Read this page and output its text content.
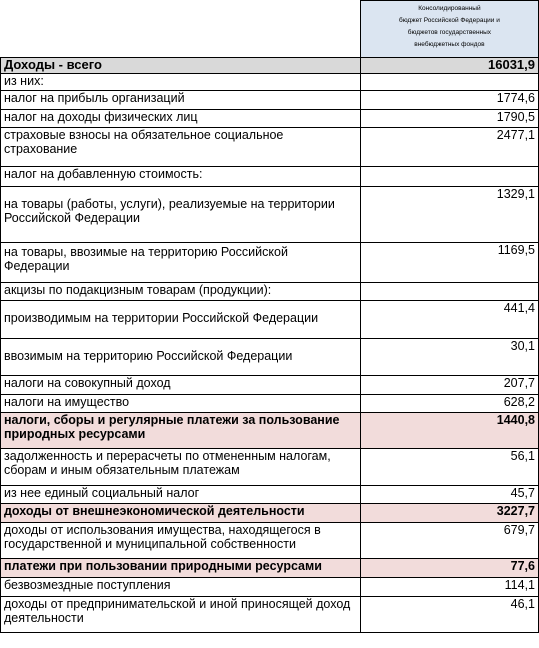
	Консолидированный
бюджет Российской Федерации и
бюджетов государственных
внебюджетных фондов

Доходы - всего	16031,9
из них:	
налог на прибыль организаций	1774,6
налог на доходы физических лиц	1790,5
страховые взносы на обязательное социальное страхование	2477,1
налог на добавленную стоимость:	
на товары (работы, услуги), реализуемые на территории Российской Федерации	1329,1
на товары, ввозимые на территорию Российской Федерации	1169,5
акцизы по подакцизным товарам (продукции):	
производимым на территории Российской Федерации	441,4
ввозимым на территорию Российской Федерации	30,1
налоги на совокупный доход	207,7
налоги на имущество	628,2
налоги, сборы и регулярные платежи за пользование природных ресурсами	1440,8
задолженность и перерасчеты по отмененным налогам, сборам и иным обязательным платежам	56,1
из нее единый социальный налог	45,7
доходы от внешнеэкономической деятельности	3227,7
доходы от использования имущества, находящегося в государственной и муниципальной собственности	679,7
платежи при пользовании природными ресурсами	77,6
безвозмездные поступления	114,1
доходы от предпринимательской и иной приносящей доход деятельности	46,1
